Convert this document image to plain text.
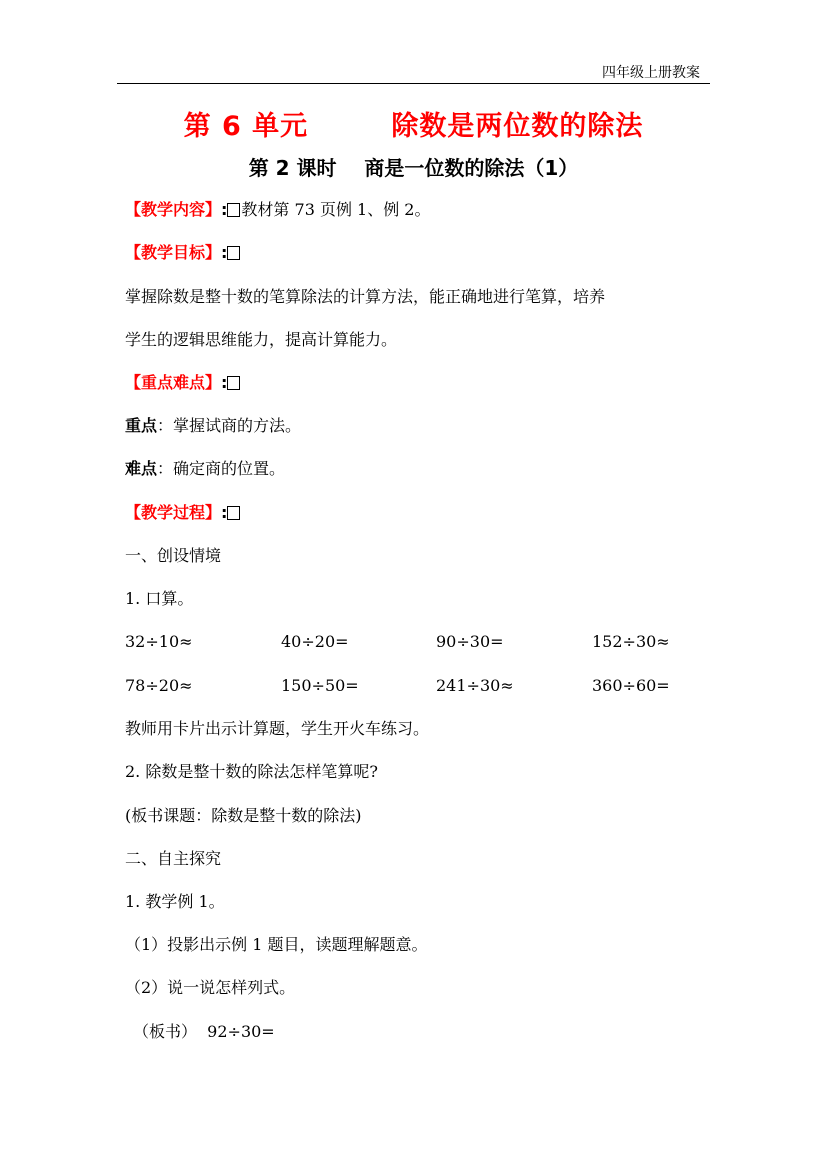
四年级上册教案
第 6 单元        除数是两位数的除法
第 2 课时    商是一位数的除法（1）
【教学内容】: 教材第 73 页例 1、例 2。
【教学目标】:
掌握除数是整十数的笔算除法的计算方法，能正确地进行笔算，培养
学生的逻辑思维能力，提高计算能力。
【重点难点】:
重点：掌握试商的方法。
难点：确定商的位置。
【教学过程】:
一、创设情境
1. 口算。
32÷10≈	40÷20=	90÷30=	152÷30≈
78÷20≈	150÷50=	241÷30≈	360÷60=
教师用卡片出示计算题，学生开火车练习。
2. 除数是整十数的除法怎样笔算呢?
(板书课题：除数是整十数的除法)
二、自主探究
1. 教学例 1。
（1）投影出示例 1 题目，读题理解题意。
（2）说一说怎样列式。
（板书）  92÷30=
